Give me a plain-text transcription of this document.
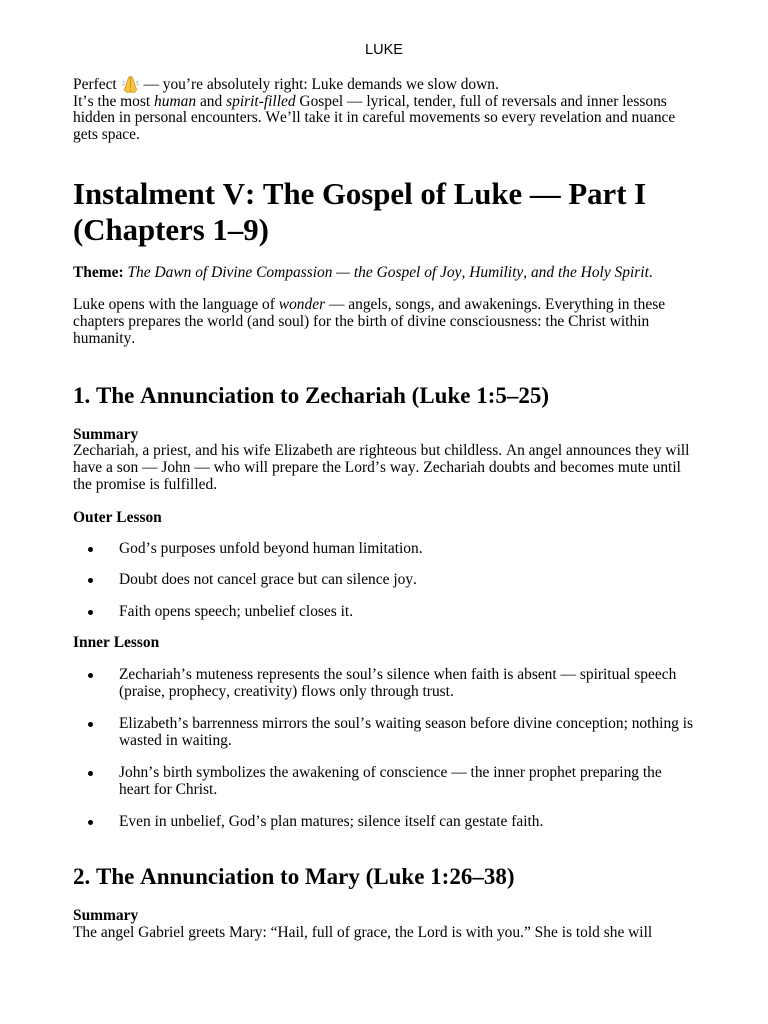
LUKE

Perfect
— you’re absolutely right: Luke demands we slow down.

It’s the most human and spirit-filled Gospel — lyrical, tender, full of reversals and inner lessons hidden in personal encounters. We’ll take it in careful movements so every revelation and nuance gets space.

Instalment V: The Gospel of Luke — Part I (Chapters 1–9)

Theme: The Dawn of Divine Compassion — the Gospel of Joy, Humility, and the Holy Spirit.

Luke opens with the language of wonder — angels, songs, and awakenings. Everything in these chapters prepares the world (and soul) for the birth of divine consciousness: the Christ within humanity.

1. The Annunciation to Zechariah (Luke 1:5–25)
Summary

Zechariah, a priest, and his wife Elizabeth are righteous but childless. An angel announces they will have a son — John — who will prepare the Lord’s way. Zechariah doubts and becomes mute until the promise is fulfilled.

Outer Lesson
God’s purposes unfold beyond human limitation.
Doubt does not cancel grace but can silence joy.
Faith opens speech; unbelief closes it.
Inner Lesson
Zechariah’s muteness represents the soul’s silence when faith is absent — spiritual speech (praise, prophecy, creativity) flows only through trust.
Elizabeth’s barrenness mirrors the soul’s waiting season before divine conception; nothing is wasted in waiting.
John’s birth symbolizes the awakening of conscience — the inner prophet preparing the heart for Christ.
Even in unbelief, God’s plan matures; silence itself can gestate faith.
2. The Annunciation to Mary (Luke 1:26–38)
Summary

The angel Gabriel greets Mary: “Hail, full of grace, the Lord is with you.” She is told she will
